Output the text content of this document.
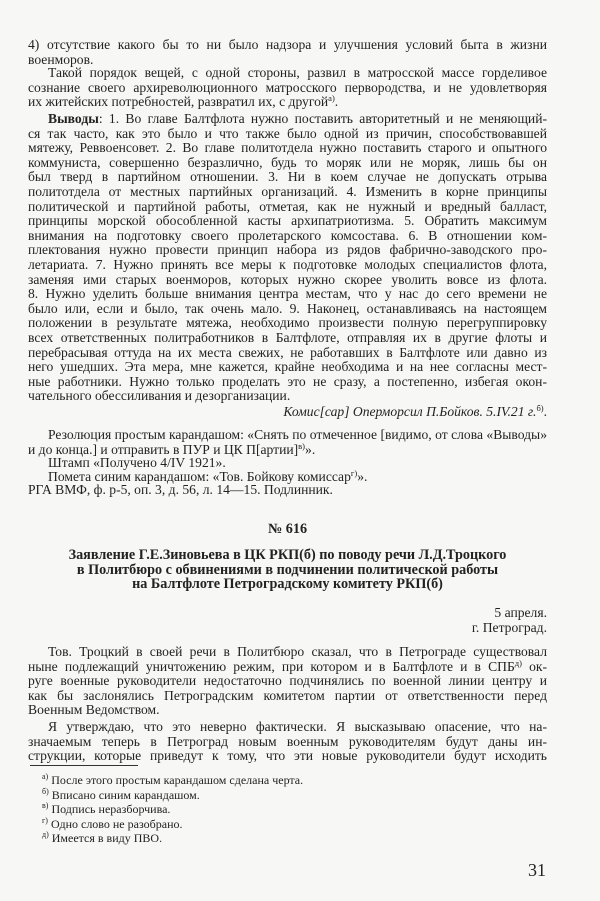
4) отсутствие какого бы то ни было надзора и улучшения условий быта в жизни
военморов.
Такой порядок вещей, с одной стороны, развил в матросской массе горделивое
сознание своего архиреволюционного матросского первородства, и не удовлетворяя
их житейских потребностей, развратил их, с другой$^{а)}$.
Выводы: 1. Во главе Балтфлота нужно поставить авторитетный и не меняющий-
ся так часто, как это было и что также было одной из причин, способствовавшей
мятежу, Реввоенсовет. 2. Во главе политотдела нужно поставить старого и опытного
коммуниста, совершенно безразлично, будь то моряк или не моряк, лишь бы он
был тверд в партийном отношении. 3. Ни в коем случае не допускать отрыва
политотдела от местных партийных организаций. 4. Изменить в корне принципы
политической и партийной работы, отметая, как не нужный и вредный балласт,
принципы морской обособленной касты архипатриотизма. 5. Обратить максимум
внимания на подготовку своего пролетарского комсостава. 6. В отношении ком-
плектования нужно провести принцип набора из рядов фабрично-заводского про-
летариата. 7. Нужно принять все меры к подготовке молодых специалистов флота,
заменяя ими старых военморов, которых нужно скорее уволить вовсе из флота.
8. Нужно уделить больше внимания центра местам, что у нас до сего времени не
было или, если и было, так очень мало. 9. Наконец, останавливаясь на настоящем
положении в результате мятежа, необходимо произвести полную перегруппировку
всех ответственных политработников в Балтфлоте, отправляя их в другие флоты и
перебрасывая оттуда на их места свежих, не работавших в Балтфлоте или давно из
него ушедших. Эта мера, мне кажется, крайне необходима и на нее согласны мест-
ные работники. Нужно только проделать это не сразу, а постепенно, избегая окон-
чательного обессиливания и дезорганизации.
Комис[сар] Оперморсил П.Бойков. 5.IV.21 г.$^{б)}$.
Резолюция простым карандашом: «Снять по отмеченное [видимо, от слова «Выводы»
и до конца.] и отправить в ПУР и ЦК П[артии]$^{в)}$».
Штамп «Получено 4/IV 1921».
Помета синим карандашом: «Тов. Бойкову комиссар$^{г)}$».
РГА ВМФ, ф. р-5, оп. 3, д. 56, л. 14—15. Подлинник.
№ 616
Заявление Г.Е.Зиновьева в ЦК РКП(б) по поводу речи Л.Д.Троцкого
в Политбюро с обвинениями в подчинении политической работы
на Балтфлоте Петроградскому комитету РКП(б)
5 апреля.
г. Петроград.
Тов. Троцкий в своей речи в Политбюро сказал, что в Петрограде существовал
ныне подлежащий уничтожению режим, при котором и в Балтфлоте и в $СПБ^{д)}$ ок-
руге военные руководители недостаточно подчинялись по военной линии центру и
как бы заслонялись Петроградским комитетом партии от ответственности перед
Военным Ведомством.
Я утверждаю, что это неверно фактически. Я высказываю опасение, что на-
значаемым теперь в Петроград новым военным руководителям будут даны ин-
струкции, которые приведут к тому, что эти новые руководители будут исходить
$^{а)}$ После этого простым карандашом сделана черта.
$^{б)}$ Вписано синим карандашом.
$^{в)}$ Подпись неразборчива.
$^{г)}$ Одно слово не разобрано.
$^{д)}$ Имеется в виду ПВО.
31
